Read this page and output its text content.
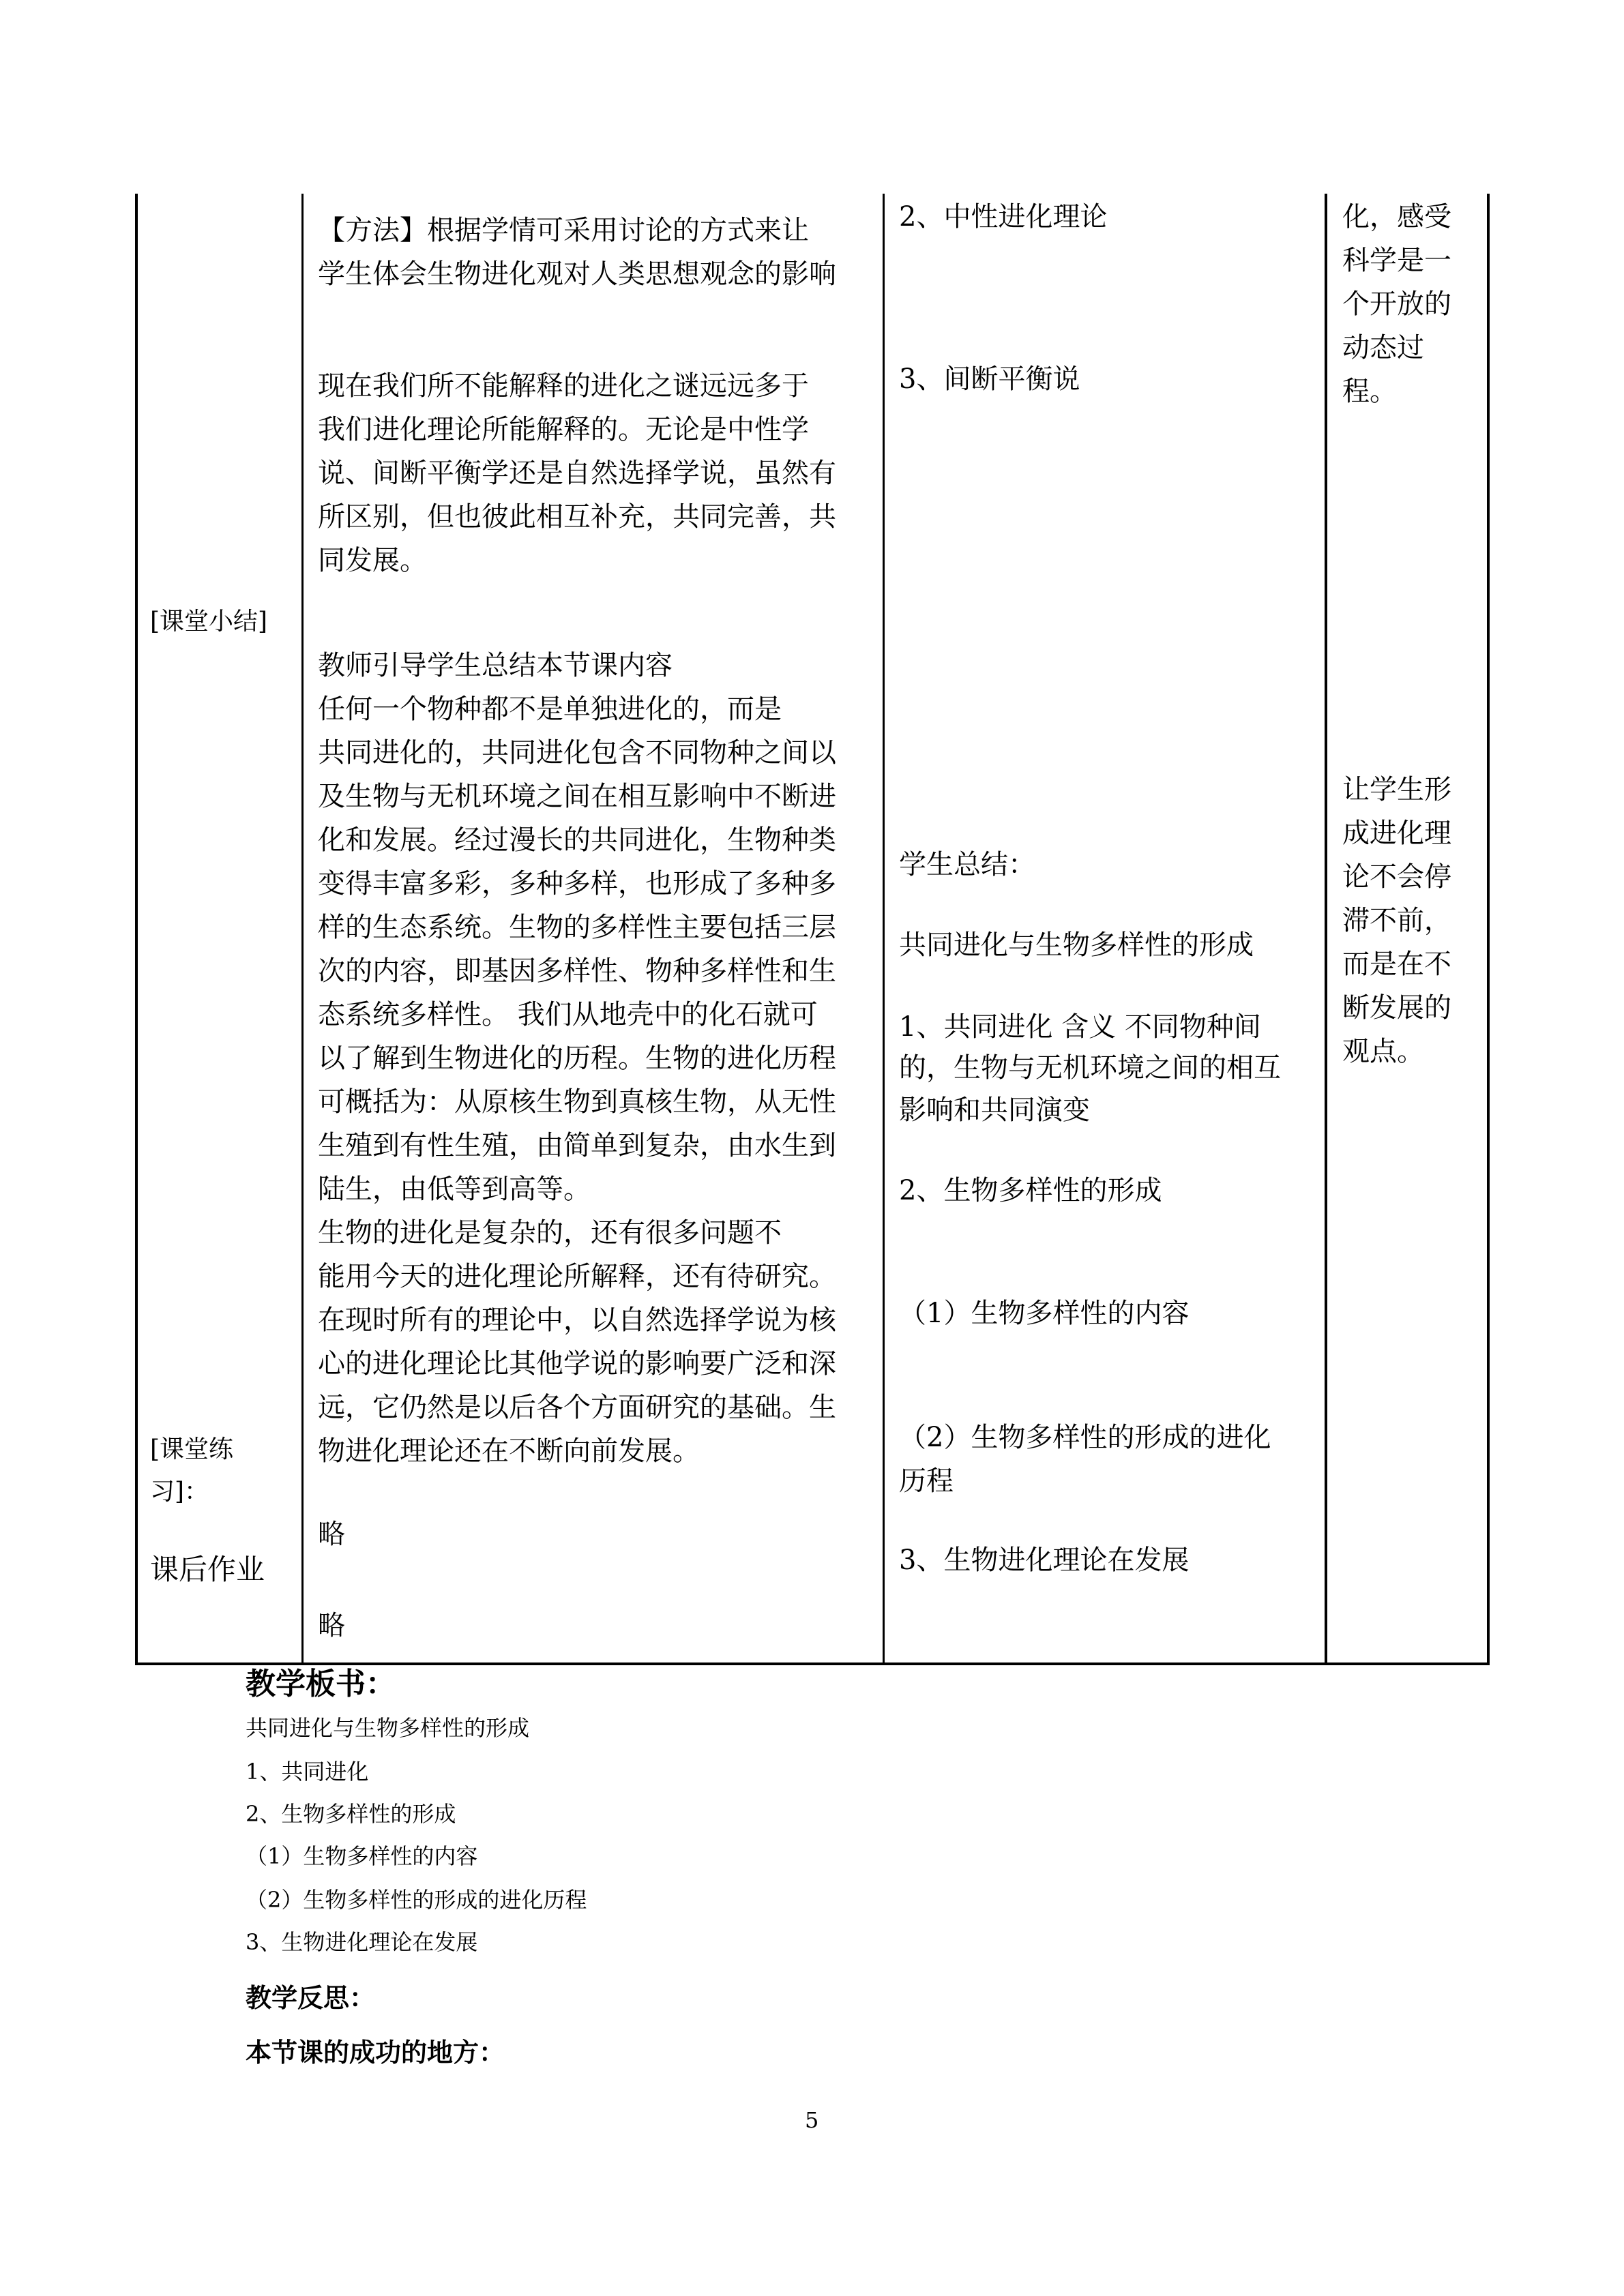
[课堂小结]
[课堂练
习]：
课后作业

【方法】根据学情可采用讨论的方式来让

学生体会生物进化观对人类思想观念的影响

现在我们所不能解释的进化之谜远远多于

我们进化理论所能解释的。无论是中性学

说、间断平衡学还是自然选择学说，虽然有

所区别，但也彼此相互补充，共同完善，共

同发展。

教师引导学生总结本节课内容

任何一个物种都不是单独进化的，而是

共同进化的，共同进化包含不同物种之间以

及生物与无机环境之间在相互影响中不断进

化和发展。经过漫长的共同进化，生物种类

变得丰富多彩，多种多样，也形成了多种多

样的生态系统。生物的多样性主要包括三层

次的内容，即基因多样性、物种多样性和生

态系统多样性。 我们从地壳中的化石就可

以了解到生物进化的历程。生物的进化历程

可概括为：从原核生物到真核生物，从无性

生殖到有性生殖，由简单到复杂，由水生到

陆生，由低等到高等。

生物的进化是复杂的，还有很多问题不

能用今天的进化理论所解释，还有待研究。

在现时所有的理论中，以自然选择学说为核

心的进化理论比其他学说的影响要广泛和深

远，它仍然是以后各个方面研究的基础。生

物进化理论还在不断向前发展。

略
略
2、中性进化理论
3、间断平衡说
学生总结：
共同进化与生物多样性的形成
1、共同进化 含义 不同物种间
的，生物与无机环境之间的相互
影响和共同演变
2、生物多样性的形成
（1）生物多样性的内容
（2）生物多样性的形成的进化
历程
3、生物进化理论在发展

化，感受

科学是一

个开放的

动态过

程。

让学生形

成进化理

论不会停

滞不前，

而是在不

断发展的

观点。

教学板书：
共同进化与生物多样性的形成
1、共同进化
2、生物多样性的形成
（1）生物多样性的内容
（2）生物多样性的形成的进化历程
3、生物进化理论在发展
教学反思：
本节课的成功的地方：
5
